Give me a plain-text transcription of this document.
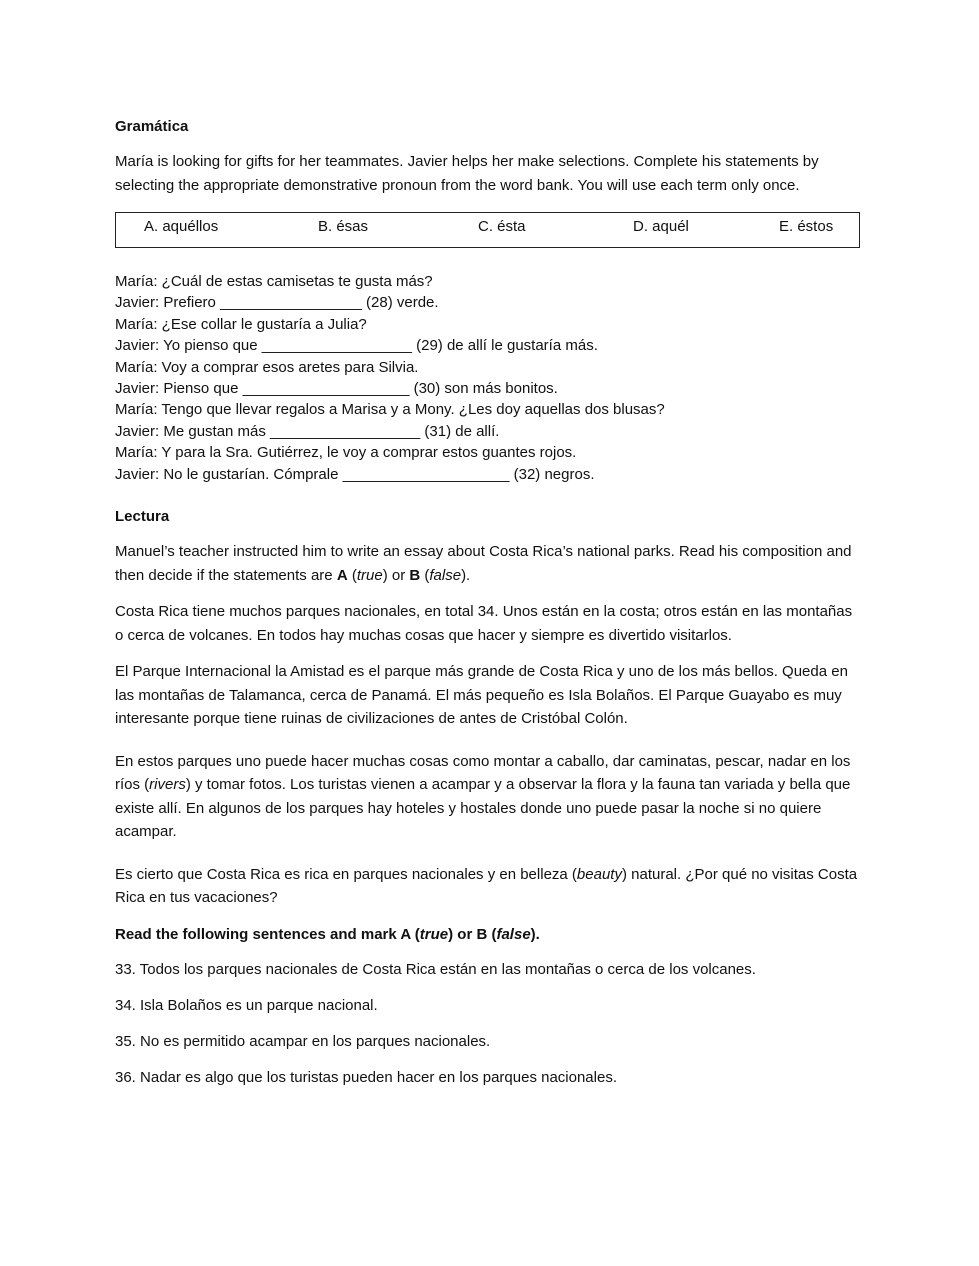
Gramática

María is looking for gifts for her teammates. Javier helps her make selections. Complete his statements by selecting the appropriate demonstrative pronoun from the word bank. You will use each term only once.

A. aquéllos	B. ésas	C. ésta	D. aquél	E. éstos
María: ¿Cuál de estas camisetas te gusta más?
Javier: Prefiero _________________ (28) verde.
María: ¿Ese collar le gustaría a Julia?
Javier: Yo pienso que __________________ (29) de allí le gustaría más.
María: Voy a comprar esos aretes para Silvia.
Javier: Pienso que ____________________ (30) son más bonitos.
María: Tengo que llevar regalos a Marisa y a Mony. ¿Les doy aquellas dos blusas?
Javier: Me gustan más __________________ (31) de allí.
María: Y para la Sra. Gutiérrez, le voy a comprar estos guantes rojos.
Javier: No le gustarían. Cómprale ____________________ (32) negros.
Lectura

Manuel’s teacher instructed him to write an essay about Costa Rica’s national parks. Read his composition and then decide if the statements are A (true) or B (false).

Costa Rica tiene muchos parques nacionales, en total 34. Unos están en la costa; otros están en las montañas o cerca de volcanes. En todos hay muchas cosas que hacer y siempre es divertido visitarlos.

El Parque Internacional la Amistad es el parque más grande de Costa Rica y uno de los más bellos. Queda en las montañas de Talamanca, cerca de Panamá. El más pequeño es Isla Bolaños. El Parque Guayabo es muy interesante porque tiene ruinas de civilizaciones de antes de Cristóbal Colón.

En estos parques uno puede hacer muchas cosas como montar a caballo, dar caminatas, pescar, nadar en los ríos (rivers) y tomar fotos. Los turistas vienen a acampar y a observar la flora y la fauna tan variada y bella que existe allí. En algunos de los parques hay hoteles y hostales donde uno puede pasar la noche si no quiere acampar.

Es cierto que Costa Rica es rica en parques nacionales y en belleza (beauty) natural. ¿Por qué no visitas Costa Rica en tus vacaciones?

Read the following sentences and mark A (true) or B (false).

33. Todos los parques nacionales de Costa Rica están en las montañas o cerca de los volcanes.

34. Isla Bolaños es un parque nacional.

35. No es permitido acampar en los parques nacionales.

36. Nadar es algo que los turistas pueden hacer en los parques nacionales.
